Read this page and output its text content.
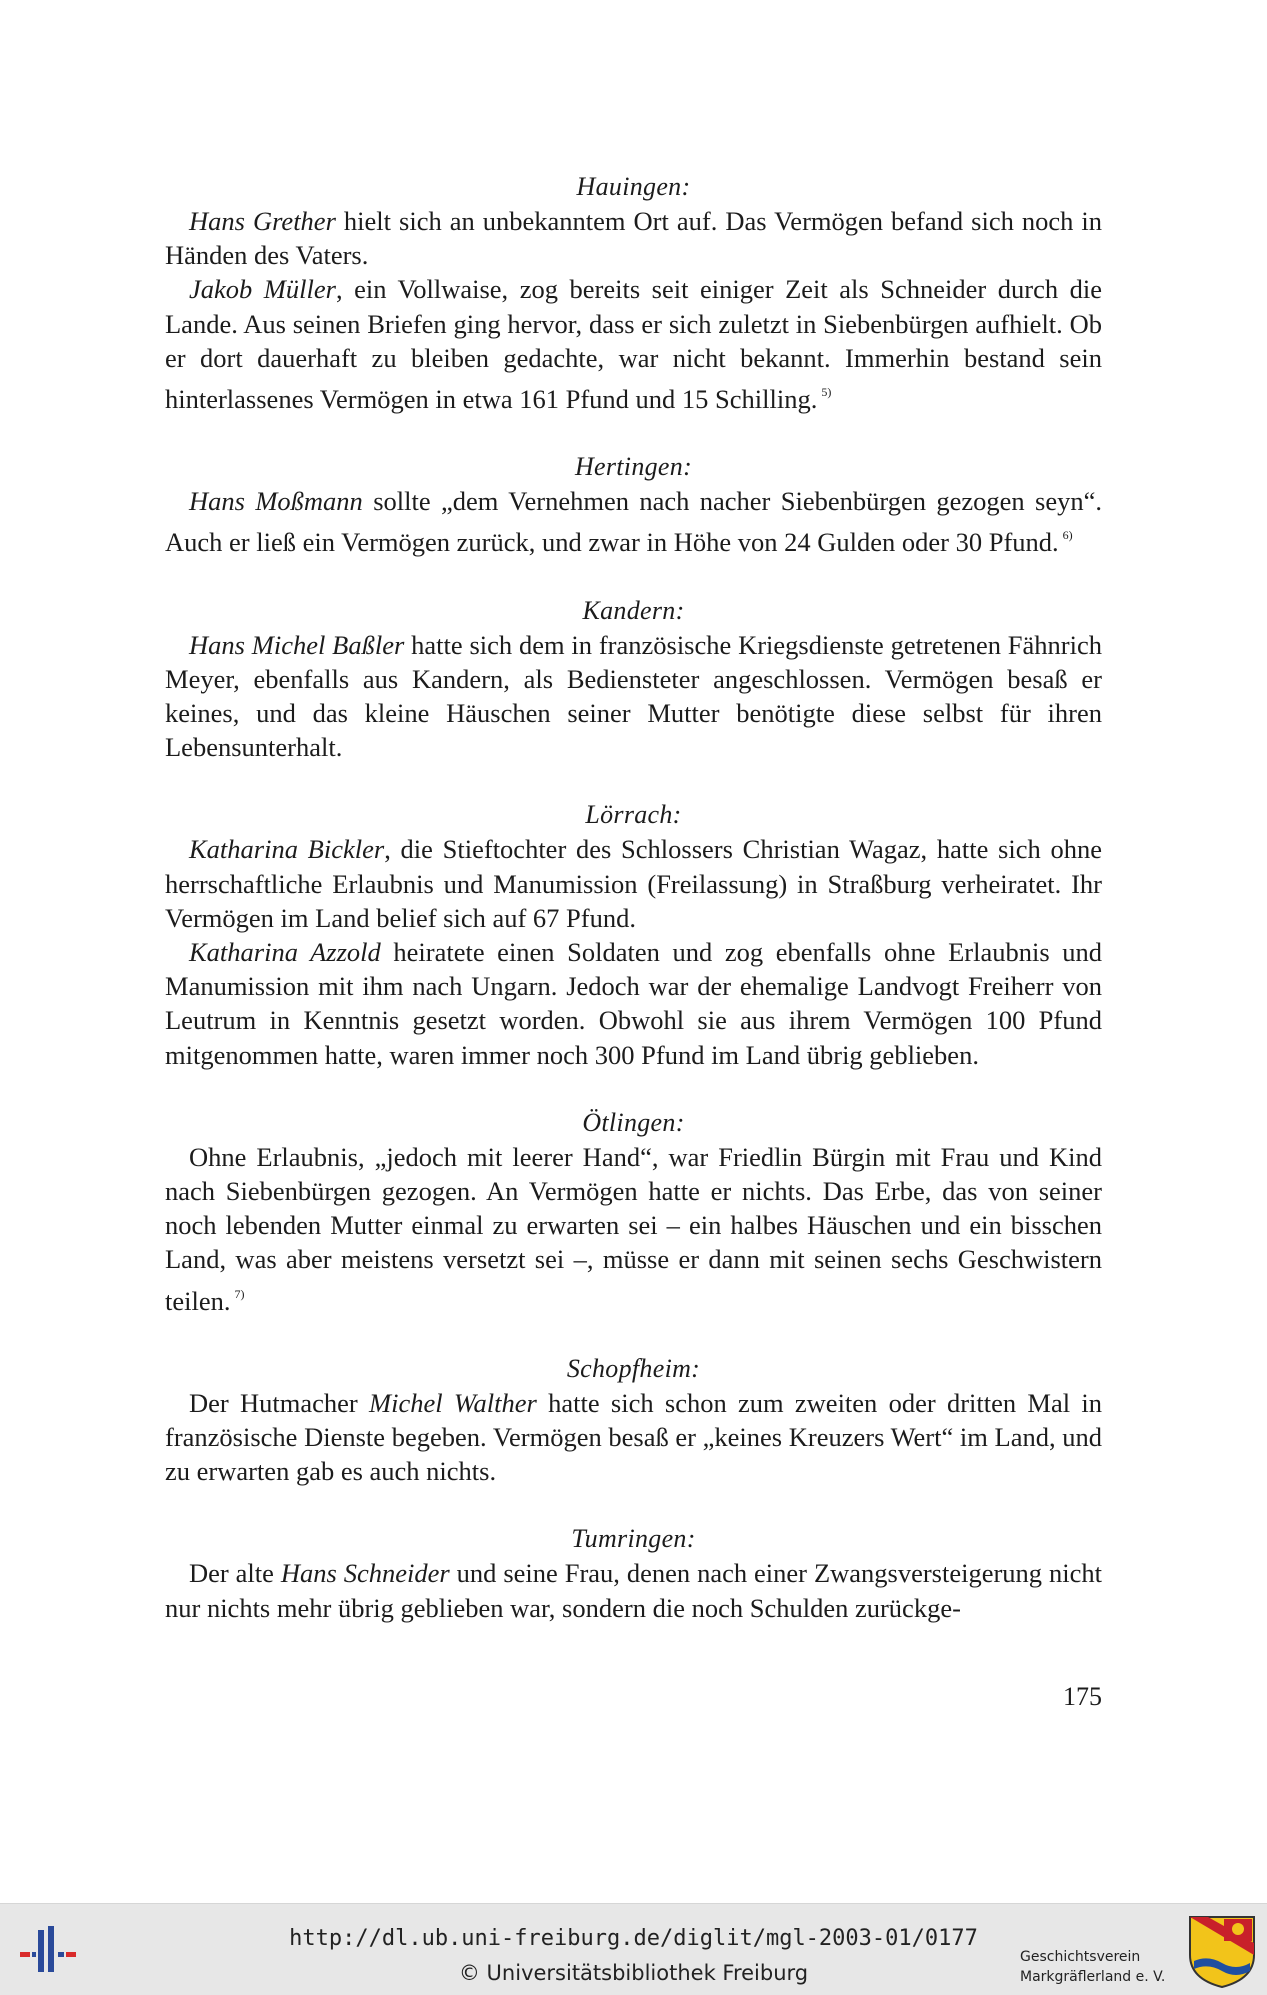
Hauingen:

Hans Grether hielt sich an unbekanntem Ort auf. Das Vermögen befand sich noch in Händen des Vaters.

Jakob Müller, ein Vollwaise, zog bereits seit einiger Zeit als Schneider durch die Lande. Aus seinen Briefen ging hervor, dass er sich zuletzt in Siebenbürgen aufhielt. Ob er dort dauerhaft zu bleiben gedachte, war nicht bekannt. Immerhin bestand sein hinterlassenes Vermögen in etwa 161 Pfund und 15 Schilling. $^{5)}$

Hertingen:

Hans Moßmann sollte „dem Vernehmen nach nacher Siebenbürgen gezogen seyn“. Auch er ließ ein Vermögen zurück, und zwar in Höhe von 24 Gulden oder 30 Pfund. $^{6)}$

Kandern:

Hans Michel Baßler hatte sich dem in französische Kriegsdienste getretenen Fähnrich Meyer, ebenfalls aus Kandern, als Bediensteter angeschlossen. Vermögen besaß er keines, und das kleine Häuschen seiner Mutter benötigte diese selbst für ihren Lebensunterhalt.

Lörrach:

Katharina Bickler, die Stieftochter des Schlossers Christian Wagaz, hatte sich ohne herrschaftliche Erlaubnis und Manumission (Freilassung) in Straßburg verheiratet. Ihr Vermögen im Land belief sich auf 67 Pfund.

Katharina Azzold heiratete einen Soldaten und zog ebenfalls ohne Erlaubnis und Manumission mit ihm nach Ungarn. Jedoch war der ehemalige Landvogt Freiherr von Leutrum in Kenntnis gesetzt worden. Obwohl sie aus ihrem Vermögen 100 Pfund mitgenommen hatte, waren immer noch 300 Pfund im Land übrig geblieben.

Ötlingen:

Ohne Erlaubnis, „jedoch mit leerer Hand“, war Friedlin Bürgin mit Frau und Kind nach Siebenbürgen gezogen. An Vermögen hatte er nichts. Das Erbe, das von seiner noch lebenden Mutter einmal zu erwarten sei – ein halbes Häuschen und ein bisschen Land, was aber meistens versetzt sei –, müsse er dann mit seinen sechs Geschwistern teilen. $^{7)}$

Schopfheim:

Der Hutmacher Michel Walther hatte sich schon zum zweiten oder dritten Mal in französische Dienste begeben. Vermögen besaß er „keines Kreuzers Wert“ im Land, und zu erwarten gab es auch nichts.

Tumringen:

Der alte Hans Schneider und seine Frau, denen nach einer Zwangsversteigerung nicht nur nichts mehr übrig geblieben war, sondern die noch Schulden zurückge-

175
http://dl.ub.uni-freiburg.de/diglit/mgl-2003-01/0177
© Universitätsbibliothek Freiburg
Geschichtsverein
Markgräflerland e. V.
